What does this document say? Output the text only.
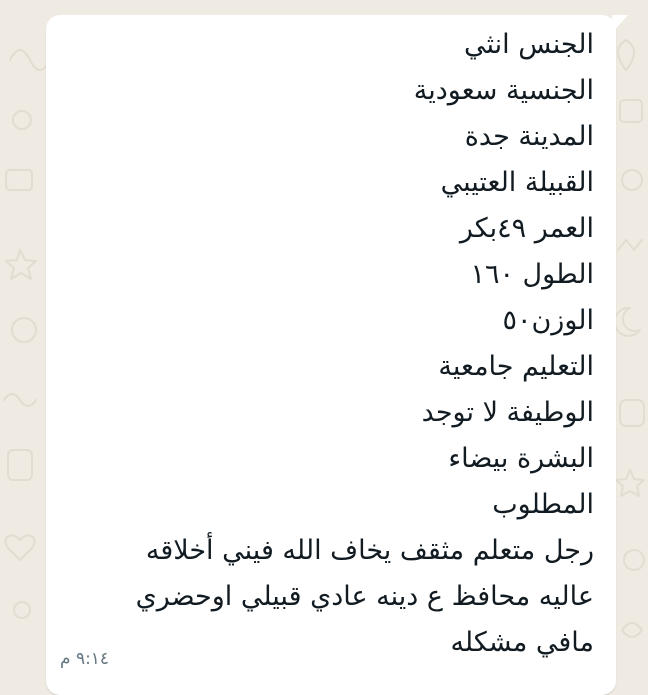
الجنس انثي
الجنسية سعودية
المدينة جدة
القبيلة العتيبي
العمر ٤٩بكر
الطول ١٦٠
الوزن٥٠
التعليم جامعية
الوطيفة لا توجد
البشرة بيضاء
المطلوب
رجل متعلم مثقف يخاف الله فيني أخلاقه
عاليه محافظ ع دينه عادي قبيلي اوحضري
مافي مشكله
٩:١٤ م
